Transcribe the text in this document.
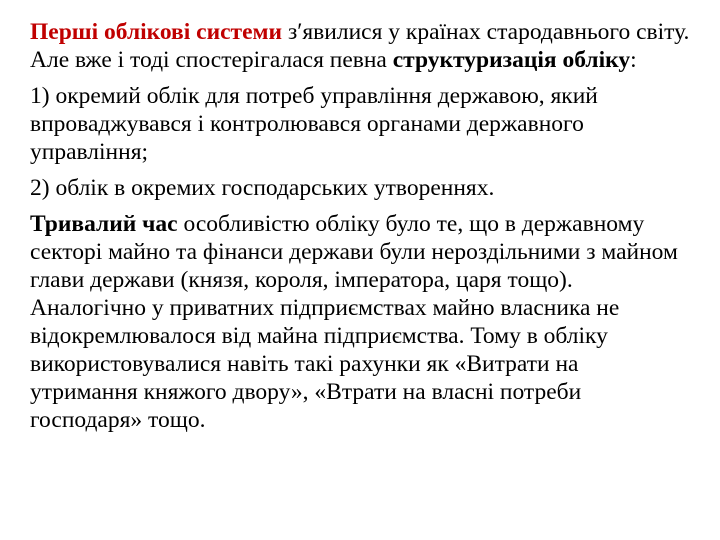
Перші облікові системи з′явилися у країнах стародавнього світу. Але вже і тоді спостерігалася певна структуризація обліку:

1) окремий облік для потреб управління державою, який впроваджувався і контролювався органами державного управління;

2) облік в окремих господарських утвореннях.

Тривалий час особливістю обліку було те, що в державному секторі майно та фінанси держави були нероздільними з майном глави держави (князя, короля, імператора, царя тощо). Аналогічно у приватних підприємствах майно власника не відокремлювалося від майна підприємства. Тому в обліку використовувалися навіть такі рахунки як «Витрати на утримання княжого двору», «Втрати на власні потреби господаря» тощо.
